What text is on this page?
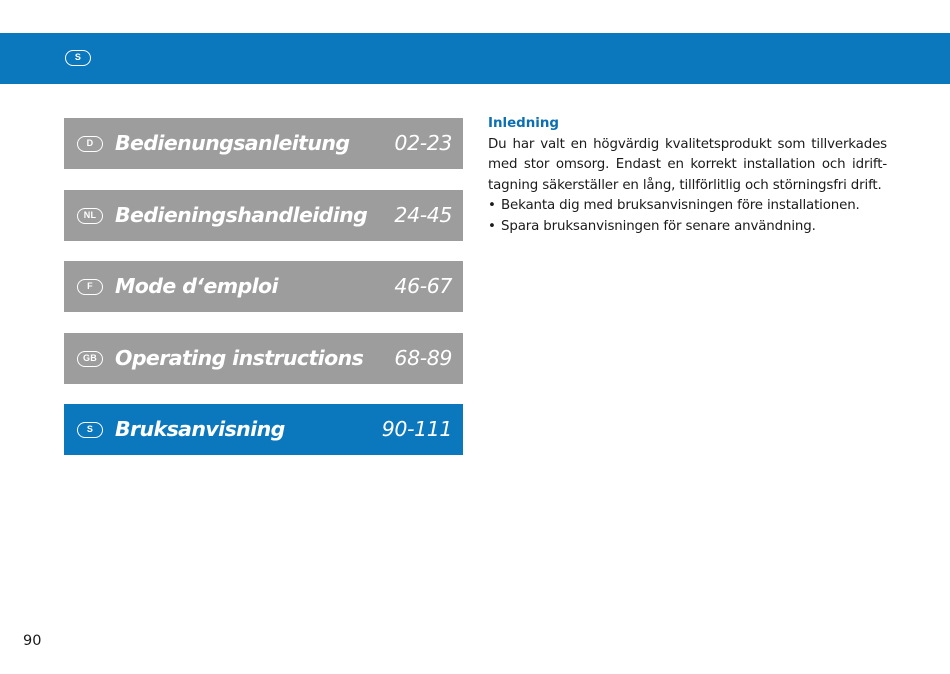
S
D	Bedienungsanleitung 02-23
NL Bedieningshandleiding 24-45
F	Mode d‘emploi	46-67
GB Operating instructions 68-89
S	Bruksanvisning	90-111

Inledning

Du har valt en högvärdig kvalitetsprodukt som tillverkades med stor omsorg. Endast en korrekt installation och idrift-tagning säkerställer en lång, tillförlitlig och störningsfri drift.

• Bekanta dig med bruksanvisningen före installationen.
• Spara bruksanvisningen för senare användning.
90
